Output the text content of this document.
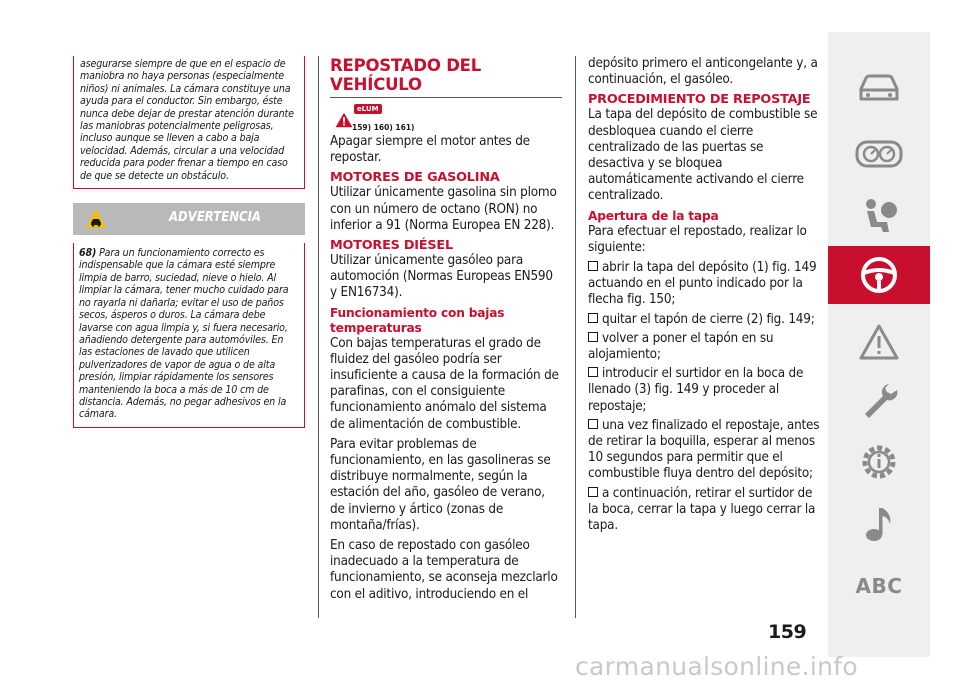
asegurarse siempre de que en el espacio de maniobra no haya personas (especialmente niños) ni animales. La cámara constituye una ayuda para el conductor. Sin embargo, éste nunca debe dejar de prestar atención durante las maniobras potencialmente peligrosas, incluso aunque se lleven a cabo a baja velocidad. Además, circular a una velocidad reducida para poder frenar a tiempo en caso de que se detecte un obstáculo.

ADVERTENCIA

68) Para un funcionamiento correcto es indispensable que la cámara esté siempre limpia de barro, suciedad, nieve o hielo. Al limpiar la cámara, tener mucho cuidado para no rayarla ni dañarla; evitar el uso de paños secos, ásperos o duros. La cámara debe lavarse con agua limpia y, si fuera necesario, añadiendo detergente para automóviles. En las estaciones de lavado que utilicen pulverizadores de vapor de agua o de alta presión, limpiar rápidamente los sensores manteniendo la boca a más de 10 cm de distancia. Además, no pegar adhesivos en la cámara.

REPOSTADO DEL VEHÍCULO
eLUM
159) 160) 161)

Apagar siempre el motor antes de repostar.

MOTORES DE GASOLINA

Utilizar únicamente gasolina sin plomo con un número de octano (RON) no inferior a 91 (Norma Europea EN 228).

MOTORES DIÉSEL

Utilizar únicamente gasóleo para automoción (Normas Europeas EN590 y EN16734).

Funcionamiento con bajas temperaturas

Con bajas temperaturas el grado de fluidez del gasóleo podría ser insuficiente a causa de la formación de parafinas, con el consiguiente funcionamiento anómalo del sistema de alimentación de combustible.

Para evitar problemas de funcionamiento, en las gasolineras se distribuye normalmente, según la estación del año, gasóleo de verano, de invierno y ártico (zonas de montaña/frías).

En caso de repostado con gasóleo inadecuado a la temperatura de funcionamiento, se aconseja mezclarlo con el aditivo, introduciendo en el

depósito primero el anticongelante y, a continuación, el gasóleo.

PROCEDIMIENTO DE REPOSTAJE

La tapa del depósito de combustible se desbloquea cuando el cierre centralizado de las puertas se desactiva y se bloquea automáticamente activando el cierre centralizado.

Apertura de la tapa

Para efectuar el repostado, realizar lo siguiente:

abrir la tapa del depósito (1) fig. 149 actuando en el punto indicado por la flecha fig. 150;

quitar el tapón de cierre (2) fig. 149;

volver a poner el tapón en su alojamiento;

introducir el surtidor en la boca de llenado (3) fig. 149 y proceder al repostaje;

una vez finalizado el repostaje, antes de retirar la boquilla, esperar al menos 10 segundos para permitir que el combustible fluya dentro del depósito;

a continuación, retirar el surtidor de la boca, cerrar la tapa y luego cerrar la tapa.

159
ABC
carmanualsonline.info
